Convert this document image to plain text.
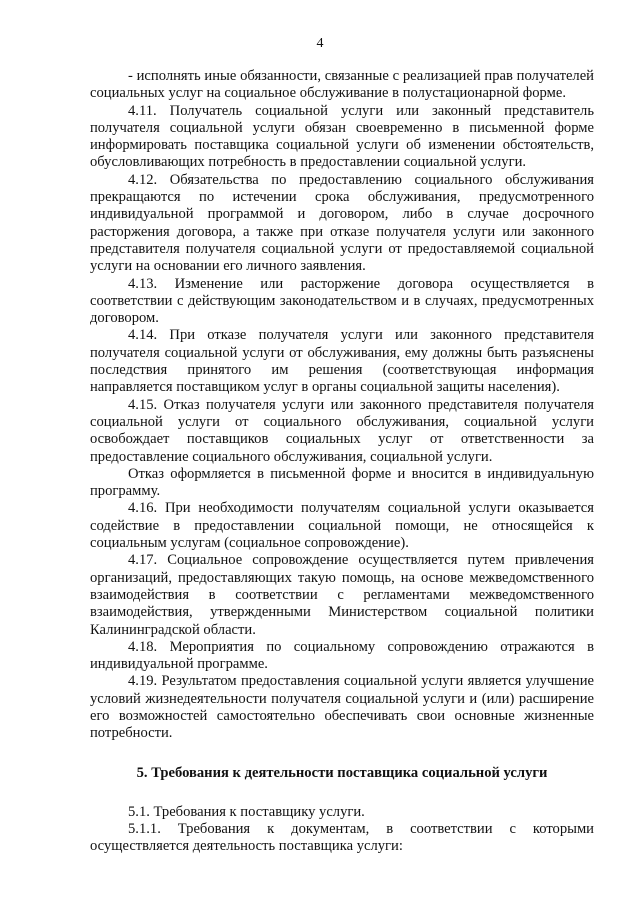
4

- исполнять иные обязанности, связанные с реализацией прав получателей социальных услуг на социальное обслуживание в полустационарной форме.

4.11. Получатель социальной услуги или законный представитель получателя социальной услуги обязан своевременно в письменной форме информировать поставщика социальной услуги об изменении обстоятельств, обусловливающих потребность в предоставлении социальной услуги.

4.12. Обязательства по предоставлению социального обслуживания прекращаются по истечении срока обслуживания, предусмотренного индивидуальной программой и договором, либо в случае досрочного расторжения договора, а также при отказе получателя услуги или законного представителя получателя социальной услуги от предоставляемой социальной услуги на основании его личного заявления.

4.13. Изменение или расторжение договора осуществляется в соответствии с действующим законодательством и в случаях, предусмотренных договором.

4.14. При отказе получателя услуги или законного представителя получателя социальной услуги от обслуживания, ему должны быть разъяснены последствия принятого им решения (соответствующая информация направляется поставщиком услуг в органы социальной защиты населения).

4.15. Отказ получателя услуги или законного представителя получателя социальной услуги от социального обслуживания, социальной услуги освобождает поставщиков социальных услуг от ответственности за предоставление социального обслуживания, социальной услуги.

Отказ оформляется в письменной форме и вносится в индивидуальную программу.

4.16. При необходимости получателям социальной услуги оказывается содействие в предоставлении социальной помощи, не относящейся к социальным услугам (социальное сопровождение).

4.17. Социальное сопровождение осуществляется путем привлечения организаций, предоставляющих такую помощь, на основе межведомственного взаимодействия в соответствии с регламентами межведомственного взаимодействия, утвержденными Министерством социальной политики Калининградской области.

4.18. Мероприятия по социальному сопровождению отражаются в индивидуальной программе.

4.19. Результатом предоставления социальной услуги является улучшение условий жизнедеятельности получателя социальной услуги и (или) расширение его возможностей самостоятельно обеспечивать свои основные жизненные потребности.

5. Требования к деятельности поставщика социальной услуги

5.1. Требования к поставщику услуги.

5.1.1. Требования к документам, в соответствии с которыми осуществляется деятельность поставщика услуги:
